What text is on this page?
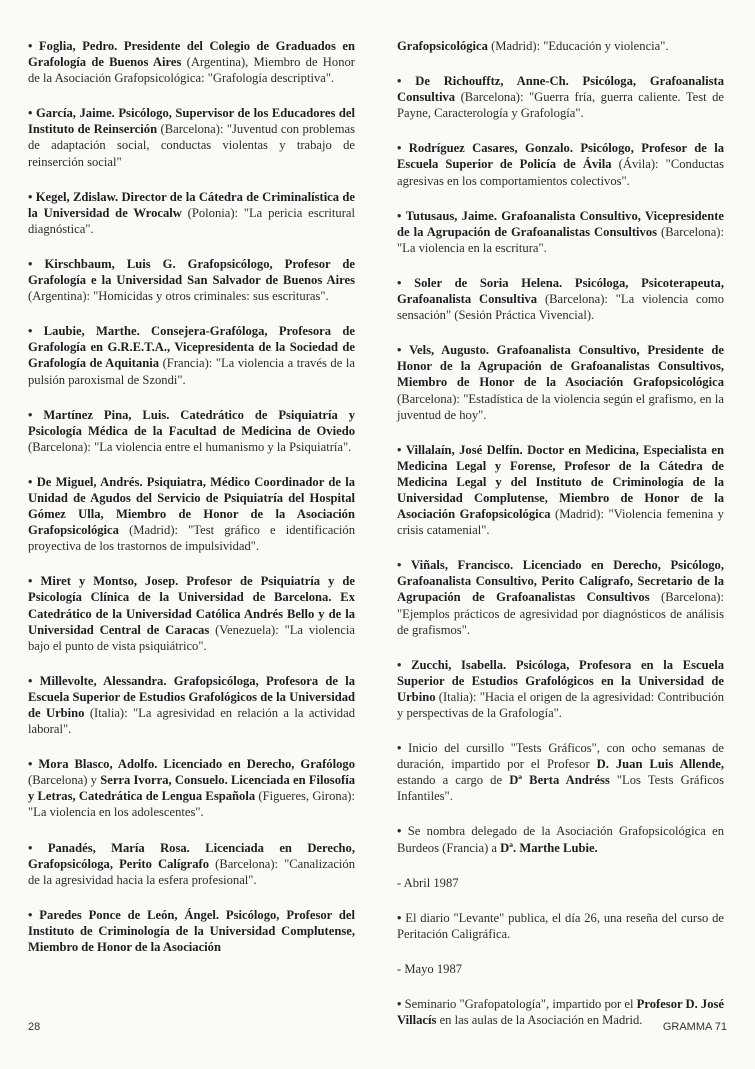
• Foglia, Pedro. Presidente del Colegio de Graduados en Grafología de Buenos Aires (Argentina), Miembro de Honor de la Asociación Grafopsicológica: "Grafología descriptiva".

• García, Jaime. Psicólogo, Supervisor de los Educadores del Instituto de Reinserción (Barcelona): "Juventud con problemas de adaptación social, conductas violentas y trabajo de reinserción social"

• Kegel, Zdislaw. Director de la Cátedra de Criminalística de la Universidad de Wrocalw (Polonia): "La pericia escritural diagnóstica".

• Kirschbaum, Luis G. Grafopsicólogo, Profesor de Grafología e la Universidad San Salvador de Buenos Aires (Argentina): "Homicidas y otros criminales: sus escrituras".

• Laubie, Marthe. Consejera-Grafóloga, Profesora de Grafología en G.R.E.T.A., Vicepresidenta de la Sociedad de Grafología de Aquitania (Francia): "La violencia a través de la pulsión paroxismal de Szondi".

• Martínez Pina, Luis. Catedrático de Psiquiatría y Psicología Médica de la Facultad de Medicina de Oviedo (Barcelona): "La violencia entre el humanismo y la Psiquiatría".

• De Miguel, Andrés. Psiquiatra, Médico Coordinador de la Unidad de Agudos del Servicio de Psiquiatría del Hospital Gómez Ulla, Miembro de Honor de la Asociación Grafopsicológica (Madrid): "Test gráfico e identificación proyectiva de los trastornos de impulsividad".

• Miret y Montso, Josep. Profesor de Psiquiatría y de Psicología Clínica de la Universidad de Barcelona. Ex Catedrático de la Universidad Católica Andrés Bello y de la Universidad Central de Caracas (Venezuela): "La violencia bajo el punto de vista psiquiátrico".

• Millevolte, Alessandra. Grafopsicóloga, Profesora de la Escuela Superior de Estudios Grafológicos de la Universidad de Urbino (Italia): "La agresividad en relación a la actividad laboral".

• Mora Blasco, Adolfo. Licenciado en Derecho, Grafólogo (Barcelona) y Serra Ivorra, Consuelo. Licenciada en Filosofía y Letras, Catedrática de Lengua Española (Figueres, Girona): "La violencia en los adolescentes".

• Panadés, María Rosa. Licenciada en Derecho, Grafopsicóloga, Perito Calígrafo (Barcelona): "Canalización de la agresividad hacia la esfera profesional".

• Paredes Ponce de León, Ángel. Psicólogo, Profesor del Instituto de Criminología de la Universidad Complutense, Miembro de Honor de la Asociación

Grafopsicológica (Madrid): "Educación y violencia".

• De Richoufftz, Anne-Ch. Psicóloga, Grafoanalista Consultiva (Barcelona): "Guerra fría, guerra caliente. Test de Payne, Caracterología y Grafología".

• Rodríguez Casares, Gonzalo. Psicólogo, Profesor de la Escuela Superior de Policía de Ávila (Ávila): "Conductas agresivas en los comportamientos colectivos".

• Tutusaus, Jaime. Grafoanalista Consultivo, Vicepresidente de la Agrupación de Grafoanalistas Consultivos (Barcelona): "La violencia en la escritura".

• Soler de Soria Helena. Psicóloga, Psicoterapeuta, Grafoanalista Consultiva (Barcelona): "La violencia como sensación" (Sesión Práctica Vivencial).

• Vels, Augusto. Grafoanalista Consultivo, Presidente de Honor de la Agrupación de Grafoanalistas Consultivos, Miembro de Honor de la Asociación Grafopsicológica (Barcelona): "Estadística de la violencia según el grafismo, en la juventud de hoy".

• Villalaín, José Delfín. Doctor en Medicina, Especialista en Medicina Legal y Forense, Profesor de la Cátedra de Medicina Legal y del Instituto de Criminología de la Universidad Complutense, Miembro de Honor de la Asociación Grafopsicológica (Madrid): "Violencia femenina y crisis catamenial".

• Viñals, Francisco. Licenciado en Derecho, Psicólogo, Grafoanalista Consultivo, Perito Calígrafo, Secretario de la Agrupación de Grafoanalistas Consultivos (Barcelona): "Ejemplos prácticos de agresividad por diagnósticos de análisis de grafismos".

• Zucchi, Isabella. Psicóloga, Profesora en la Escuela Superior de Estudios Grafológicos en la Universidad de Urbino (Italia): "Hacia el origen de la agresividad: Contribución y perspectivas de la Grafología".

• Inicio del cursillo "Tests Gráficos", con ocho semanas de duración, impartido por el Profesor D. Juan Luis Allende, estando a cargo de Dª Berta Andréss "Los Tests Gráficos Infantiles".

• Se nombra delegado de la Asociación Grafopsicológica en Burdeos (Francia) a Dª. Marthe Lubie.

- Abril 1987

• El diario "Levante" publica, el día 26, una reseña del curso de Peritación Caligráfica.

- Mayo 1987

• Seminario "Grafopatología", impartido por el Profesor D. José Villacís en las aulas de la Asociación en Madrid.

28	GRAMMA 71
